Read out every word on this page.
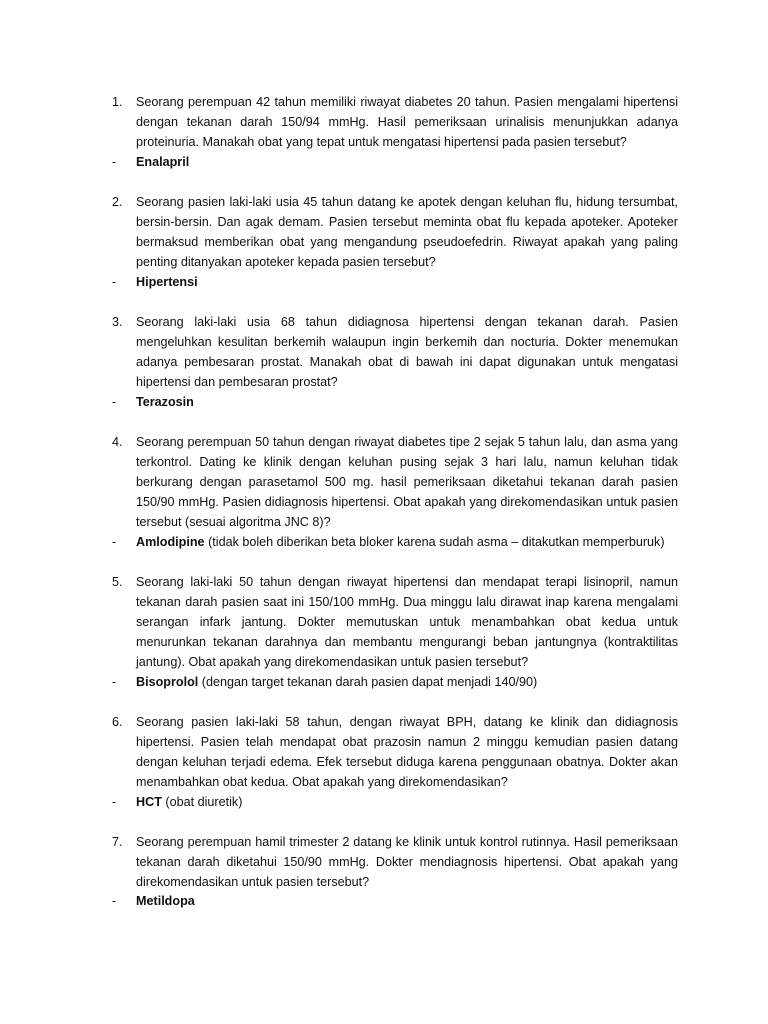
1.	Seorang perempuan 42 tahun memiliki riwayat diabetes 20 tahun. Pasien mengalami hipertensi dengan tekanan darah 150/94 mmHg. Hasil pemeriksaan urinalisis menunjukkan adanya proteinuria. Manakah obat yang tepat untuk mengatasi hipertensi pada pasien tersebut?
- Enalapril
2.	Seorang pasien laki-laki usia 45 tahun datang ke apotek dengan keluhan flu, hidung tersumbat, bersin-bersin. Dan agak demam. Pasien tersebut meminta obat flu kepada apoteker. Apoteker bermaksud memberikan obat yang mengandung pseudoefedrin. Riwayat apakah yang paling penting ditanyakan apoteker kepada pasien tersebut?
- Hipertensi
3.	Seorang laki-laki usia 68 tahun didiagnosa hipertensi dengan tekanan darah. Pasien mengeluhkan kesulitan berkemih walaupun ingin berkemih dan nocturia. Dokter menemukan adanya pembesaran prostat. Manakah obat di bawah ini dapat digunakan untuk mengatasi hipertensi dan pembesaran prostat?
- Terazosin
4.	Seorang perempuan 50 tahun dengan riwayat diabetes tipe 2 sejak 5 tahun lalu, dan asma yang terkontrol. Dating ke klinik dengan keluhan pusing sejak 3 hari lalu, namun keluhan tidak berkurang dengan parasetamol 500 mg. hasil pemeriksaan diketahui tekanan darah pasien 150/90 mmHg. Pasien didiagnosis hipertensi. Obat apakah yang direkomendasikan untuk pasien tersebut (sesuai algoritma JNC 8)?
- Amlodipine (tidak boleh diberikan beta bloker karena sudah asma – ditakutkan memperburuk)
5.	Seorang laki-laki 50 tahun dengan riwayat hipertensi dan mendapat terapi lisinopril, namun tekanan darah pasien saat ini 150/100 mmHg. Dua minggu lalu dirawat inap karena mengalami serangan infark jantung. Dokter memutuskan untuk menambahkan obat kedua untuk menurunkan tekanan darahnya dan membantu mengurangi beban jantungnya (kontraktilitas jantung). Obat apakah yang direkomendasikan untuk pasien tersebut?
- Bisoprolol (dengan target tekanan darah pasien dapat menjadi 140/90)
6.	Seorang pasien laki-laki 58 tahun, dengan riwayat BPH, datang ke klinik dan didiagnosis hipertensi. Pasien telah mendapat obat prazosin namun 2 minggu kemudian pasien datang dengan keluhan terjadi edema. Efek tersebut diduga karena penggunaan obatnya. Dokter akan menambahkan obat kedua. Obat apakah yang direkomendasikan?
- HCT (obat diuretik)
7.	Seorang perempuan hamil trimester 2 datang ke klinik untuk kontrol rutinnya. Hasil pemeriksaan tekanan darah diketahui 150/90 mmHg. Dokter mendiagnosis hipertensi. Obat apakah yang direkomendasikan untuk pasien tersebut?
- Metildopa
